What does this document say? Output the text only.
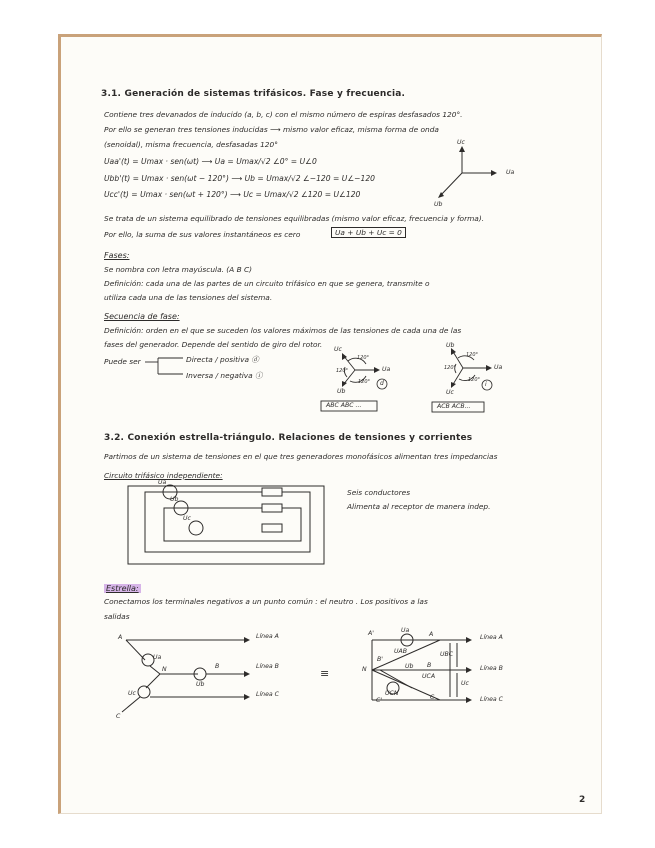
3.1. Generación de sistemas trifásicos. Fase y frecuencia.
Contiene tres devanados de inducido (a, b, c) con el mismo número de espiras desfasados 120°.
Por ello se generan tres tensiones inducidas ⟶ mismo valor eficaz, misma forma de onda
(senoidal), misma frecuencia, desfasadas 120°
Uaa'(t) = Umax · sen(ωt) ⟶ Ua = Umax/√2 ∠0° = U∠0
Ubb'(t) = Umax · sen(ωt − 120°) ⟶ Ub = Umax/√2 ∠−120 = U∠−120
Ucc'(t) = Umax · sen(ωt + 120°) ⟶ Uc = Umax/√2 ∠120 = U∠120
Uc
Ua
Ub
Se trata de un sistema equilibrado de tensiones equilibradas (mismo valor eficaz, frecuencia y forma).
Por ello, la suma de sus valores instantáneos es cero	Ua + Ub + Uc = 0
Fases:
Se nombra con letra mayúscula. (A B C)
Definición: cada una de las partes de un circuito trifásico en que se genera, transmite o
utiliza cada una de las tensiones del sistema.
Secuencia de fase:
Definición: orden en el que se suceden los valores máximos de las tensiones de cada una de las
fases del generador. Depende del sentido de giro del rotor.
Puede ser	Directa / positiva ⓓ
Inversa / negativa ⓘ
Uc
Ua
Ub
120°
120°
120° d
ABC ABC ...
Ub
Ua
Uc
120°
120°
120°
i
ACB ACB...
3.2. Conexión estrella-triángulo. Relaciones de tensiones y corrientes
Partimos de un sistema de tensiones en el que tres generadores monofásicos alimentan tres impedancias
Circuito trifásico independiente:
Ua
Ub
Uc
Seis conductores
Alimenta al receptor de manera indep.
Estrella:
Conectamos los terminales negativos a un punto común : el neutro . Los positivos a las
salidas
A
B
C
N
Ua
Ub
Uc
Línea A
Línea B
Línea C
≡
A'	A
N
B'
B
C'	C
Ua
UAB	UBC
UCA
Ub
Uc
UCN
Línea A
Línea B
Línea C
2
